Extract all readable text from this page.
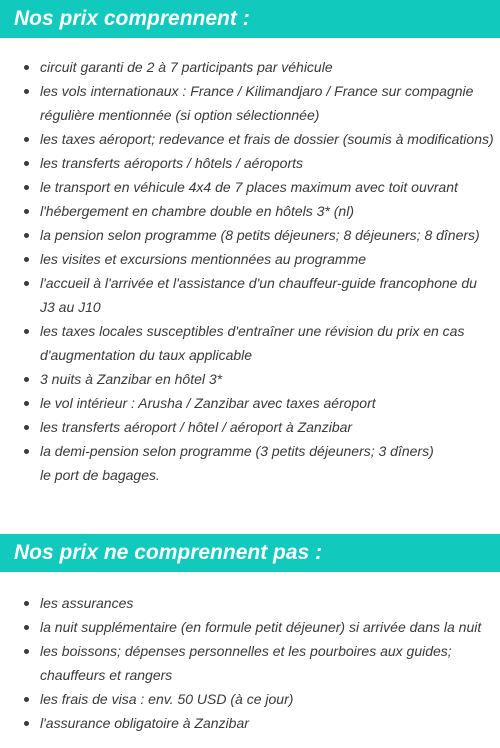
Nos prix comprennent :
circuit garanti de 2 à 7 participants par véhicule
les vols internationaux : France / Kilimandjaro / France sur compagnie régulière mentionnée (si option sélectionnée)
les taxes aéroport; redevance et frais de dossier (soumis à modifications)
les transferts aéroports / hôtels / aéroports
le transport en véhicule 4x4 de 7 places maximum avec toit ouvrant
l'hébergement en chambre double en hôtels 3* (nl)
la pension selon programme (8 petits déjeuners; 8 déjeuners; 8 dîners)
les visites et excursions mentionnées au programme
l'accueil à l'arrivée et l'assistance d'un chauffeur-guide francophone du J3 au J10
les taxes locales susceptibles d'entraîner une révision du prix en cas d'augmentation du taux applicable
3 nuits à Zanzibar en hôtel 3*
le vol intérieur : Arusha / Zanzibar avec taxes aéroport
les transferts aéroport / hôtel / aéroport à Zanzibar
la demi-pension selon programme (3 petits déjeuners; 3 dîners)
le port de bagages.
Nos prix ne comprennent pas :
les assurances
la nuit supplémentaire (en formule petit déjeuner) si arrivée dans la nuit
les boissons; dépenses personnelles et les pourboires aux guides; chauffeurs et rangers
les frais de visa : env. 50 USD (à ce jour)
l'assurance obligatoire à Zanzibar
